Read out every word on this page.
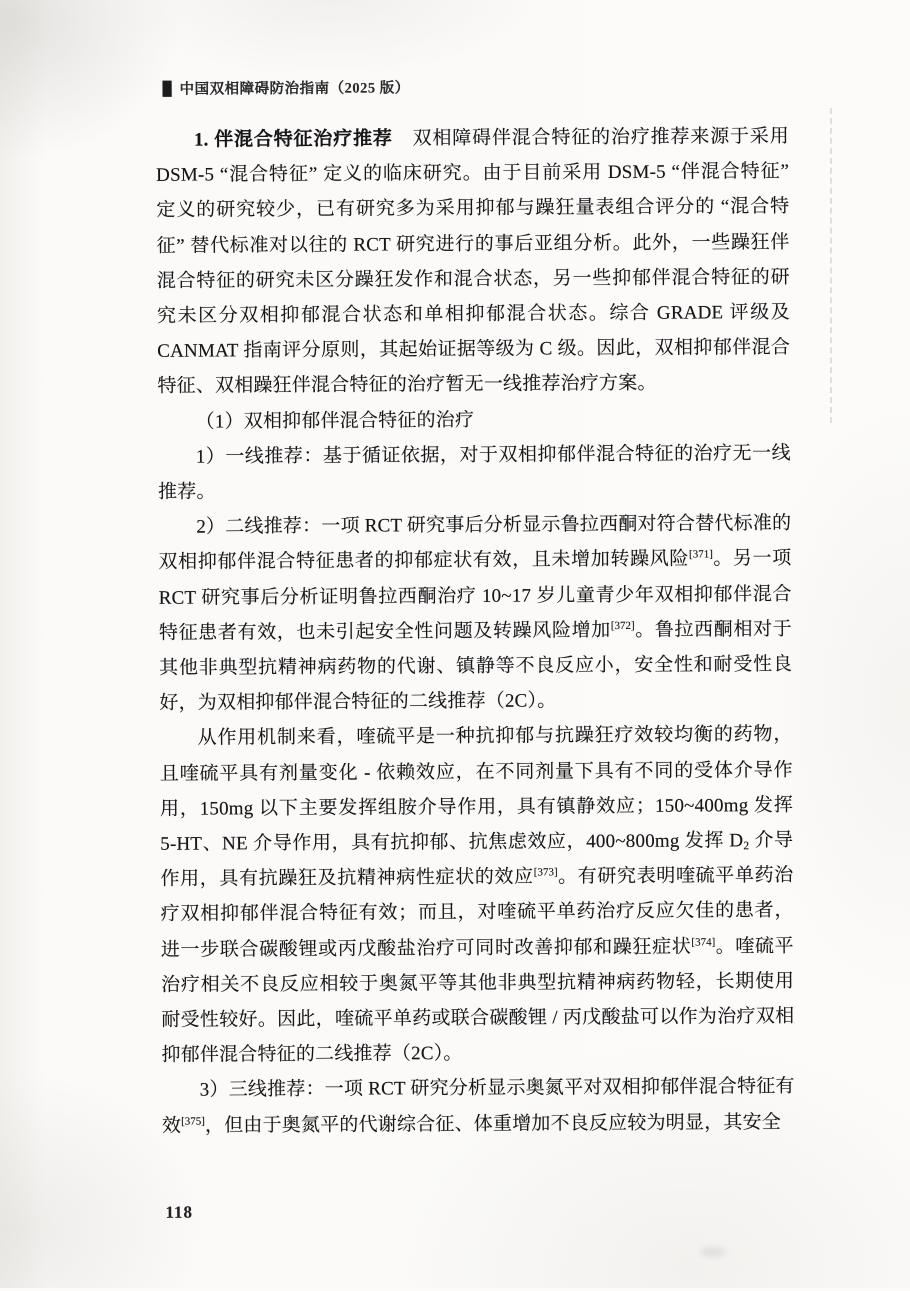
中国双相障碍防治指南（2025 版）

1. 伴混合特征治疗推荐　双相障碍伴混合特征的治疗推荐来源于采用 DSM-5 “混合特征” 定义的临床研究。由于目前采用 DSM-5 “伴混合特征” 定义的研究较少，已有研究多为采用抑郁与躁狂量表组合评分的 “混合特征” 替代标准对以往的 RCT 研究进行的事后亚组分析。此外，一些躁狂伴混合特征的研究未区分躁狂发作和混合状态，另一些抑郁伴混合特征的研究未区分双相抑郁混合状态和单相抑郁混合状态。综合 GRADE 评级及 CANMAT 指南评分原则，其起始证据等级为 C 级。因此，双相抑郁伴混合特征、双相躁狂伴混合特征的治疗暂无一线推荐治疗方案。

（1）双相抑郁伴混合特征的治疗

1）一线推荐：基于循证依据，对于双相抑郁伴混合特征的治疗无一线推荐。

2）二线推荐：一项 RCT 研究事后分析显示鲁拉西酮对符合替代标准的双相抑郁伴混合特征患者的抑郁症状有效，且未增加转躁风险[371]。另一项 RCT 研究事后分析证明鲁拉西酮治疗 10~17 岁儿童青少年双相抑郁伴混合特征患者有效，也未引起安全性问题及转躁风险增加[372]。鲁拉西酮相对于其他非典型抗精神病药物的代谢、镇静等不良反应小，安全性和耐受性良好，为双相抑郁伴混合特征的二线推荐（2C）。

从作用机制来看，喹硫平是一种抗抑郁与抗躁狂疗效较均衡的药物，且喹硫平具有剂量变化 - 依赖效应，在不同剂量下具有不同的受体介导作用，150mg 以下主要发挥组胺介导作用，具有镇静效应；150~400mg 发挥 5-HT、NE 介导作用，具有抗抑郁、抗焦虑效应，400~800mg 发挥 $D_2$ 介导作用，具有抗躁狂及抗精神病性症状的效应[373]。有研究表明喹硫平单药治疗双相抑郁伴混合特征有效；而且，对喹硫平单药治疗反应欠佳的患者，进一步联合碳酸锂或丙戊酸盐治疗可同时改善抑郁和躁狂症状[374]。喹硫平治疗相关不良反应相较于奥氮平等其他非典型抗精神病药物轻，长期使用耐受性较好。因此，喹硫平单药或联合碳酸锂 / 丙戊酸盐可以作为治疗双相抑郁伴混合特征的二线推荐（2C）。

3）三线推荐：一项 RCT 研究分析显示奥氮平对双相抑郁伴混合特征有效[375]，但由于奥氮平的代谢综合征、体重增加不良反应较为明显，其安全

118
